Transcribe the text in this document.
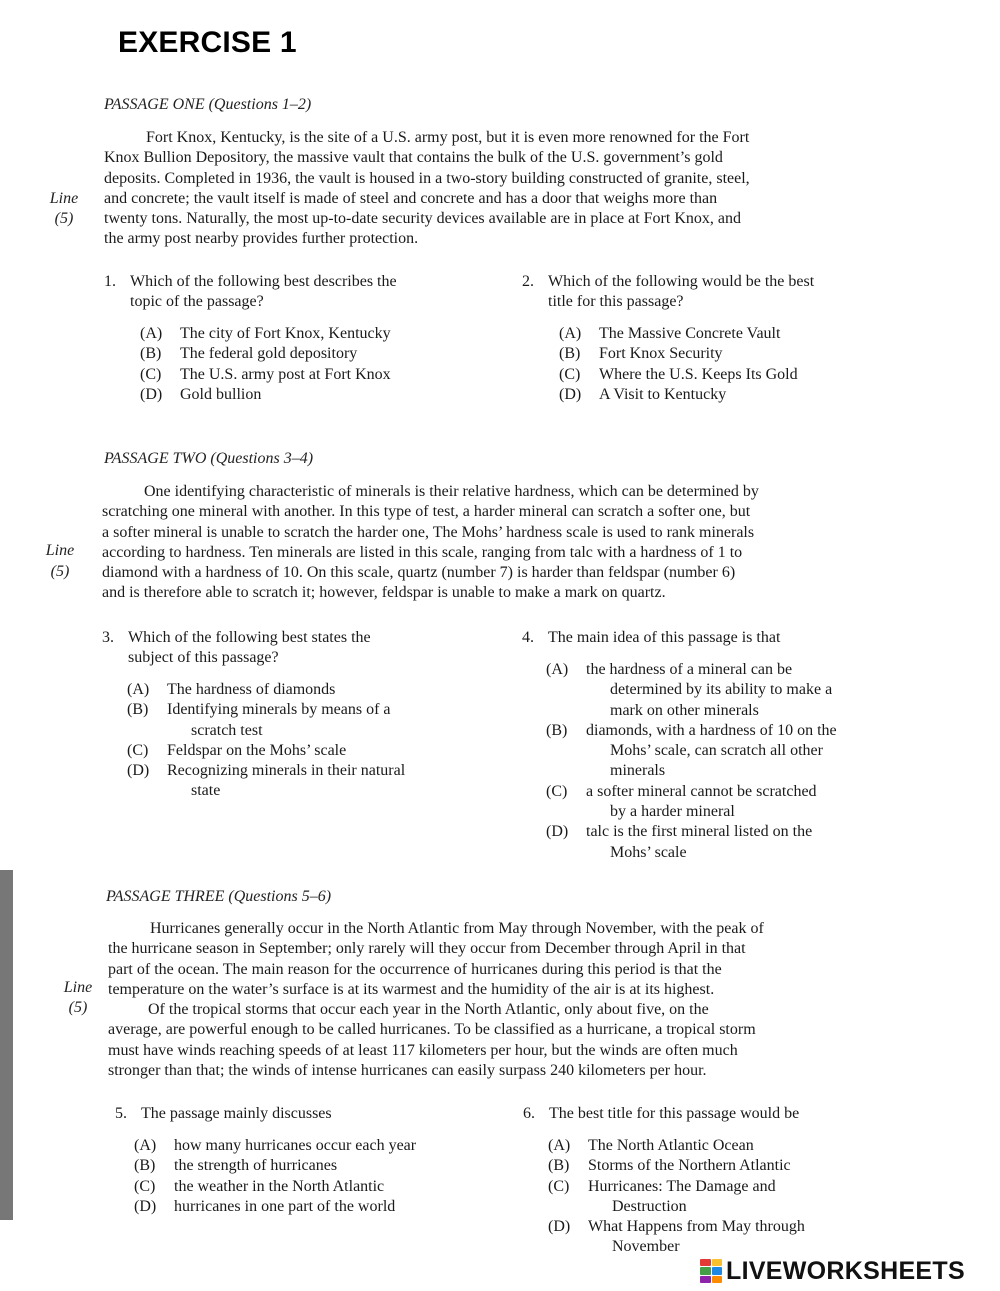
EXERCISE 1
PASSAGE ONE (Questions 1–2)
Fort Knox, Kentucky, is the site of a U.S. army post, but it is even more renowned for the Fort
Knox Bullion Depository, the massive vault that contains the bulk of the U.S. government’s gold
deposits. Completed in 1936, the vault is housed in a two-story building constructed of granite, steel,
and concrete; the vault itself is made of steel and concrete and has a door that weighs more than
twenty tons. Naturally, the most up-to-date security devices available are in place at Fort Knox, and
the army post nearby provides further protection.
Line
(5)
1. Which of the following best describes the
topic of the passage?
(A)	The city of Fort Knox, Kentucky
(B)	The federal gold depository
(C)	The U.S. army post at Fort Knox
(D)	Gold bullion
2. Which of the following would be the best
title for this passage?
(A)	The Massive Concrete Vault
(B)	Fort Knox Security
(C)	Where the U.S. Keeps Its Gold
(D)	A Visit to Kentucky
PASSAGE TWO (Questions 3–4)
One identifying characteristic of minerals is their relative hardness, which can be determined by
scratching one mineral with another. In this type of test, a harder mineral can scratch a softer one, but
a softer mineral is unable to scratch the harder one, The Mohs’ hardness scale is used to rank minerals
according to hardness. Ten minerals are listed in this scale, ranging from talc with a hardness of 1 to
diamond with a hardness of 10. On this scale, quartz (number 7) is harder than feldspar (number 6)
and is therefore able to scratch it; however, feldspar is unable to make a mark on quartz.
Line
(5)
3. Which of the following best states the
subject of this passage?
(A)	The hardness of diamonds
(B)	Identifying minerals by means of a
scratch test
(C)	Feldspar on the Mohs’ scale
(D)	Recognizing minerals in their natural
state
4. The main idea of this passage is that
(A)	the hardness of a mineral can be
determined by its ability to make a
mark on other minerals
(B)	diamonds, with a hardness of 10 on the
Mohs’ scale, can scratch all other
minerals
(C)	a softer mineral cannot be scratched
by a harder mineral
(D)	talc is the first mineral listed on the
Mohs’ scale
PASSAGE THREE (Questions 5–6)
Hurricanes generally occur in the North Atlantic from May through November, with the peak of
the hurricane season in September; only rarely will they occur from December through April in that
part of the ocean. The main reason for the occurrence of hurricanes during this period is that the
temperature on the water’s surface is at its warmest and the humidity of the air is at its highest.
Of the tropical storms that occur each year in the North Atlantic, only about five, on the
average, are powerful enough to be called hurricanes. To be classified as a hurricane, a tropical storm
must have winds reaching speeds of at least 117 kilometers per hour, but the winds are often much
stronger than that; the winds of intense hurricanes can easily surpass 240 kilometers per hour.
Line
(5)
5. The passage mainly discusses
(A)	how many hurricanes occur each year
(B)	the strength of hurricanes
(C)	the weather in the North Atlantic
(D)	hurricanes in one part of the world
6. The best title for this passage would be
(A)	The North Atlantic Ocean
(B)	Storms of the Northern Atlantic
(C)	Hurricanes: The Damage and
Destruction
(D)	What Happens from May through
November
LIVEWORKSHEETS
